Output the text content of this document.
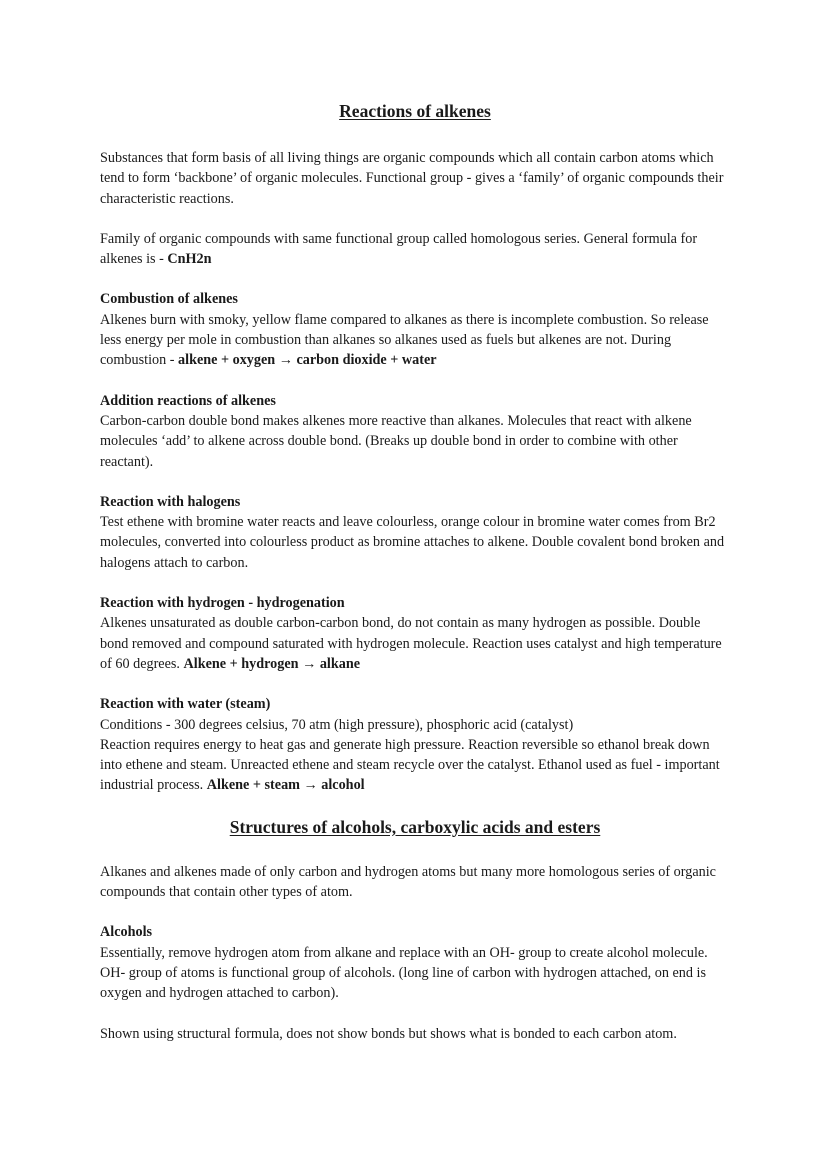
Reactions of alkenes

Substances that form basis of all living things are organic compounds which all contain carbon atoms which tend to form ‘backbone’ of organic molecules. Functional group - gives a ‘family’ of organic compounds their characteristic reactions.

Family of organic compounds with same functional group called homologous series. General formula for alkenes is - CnH2n

Combustion of alkenes
Alkenes burn with smoky, yellow flame compared to alkanes as there is incomplete combustion. So release less energy per mole in combustion than alkanes so alkanes used as fuels but alkenes are not. During combustion - alkene + oxygen → carbon dioxide + water

Addition reactions of alkenes
Carbon-carbon double bond makes alkenes more reactive than alkanes. Molecules that react with alkene molecules ‘add’ to alkene across double bond. (Breaks up double bond in order to combine with other reactant).

Reaction with halogens
Test ethene with bromine water reacts and leave colourless, orange colour in bromine water comes from Br2 molecules, converted into colourless product as bromine attaches to alkene. Double covalent bond broken and halogens attach to carbon.

Reaction with hydrogen - hydrogenation
Alkenes unsaturated as double carbon-carbon bond, do not contain as many hydrogen as possible. Double bond removed and compound saturated with hydrogen molecule. Reaction uses catalyst and high temperature of 60 degrees. Alkene + hydrogen → alkane

Reaction with water (steam)
Conditions - 300 degrees celsius, 70 atm (high pressure), phosphoric acid (catalyst)
Reaction requires energy to heat gas and generate high pressure. Reaction reversible so ethanol break down into ethene and steam. Unreacted ethene and steam recycle over the catalyst. Ethanol used as fuel - important industrial process. Alkene + steam → alcohol

Structures of alcohols, carboxylic acids and esters

Alkanes and alkenes made of only carbon and hydrogen atoms but many more homologous series of organic compounds that contain other types of atom.

Alcohols
Essentially, remove hydrogen atom from alkane and replace with an OH- group to create alcohol molecule. OH- group of atoms is functional group of alcohols. (long line of carbon with hydrogen attached, on end is oxygen and hydrogen attached to carbon).

Shown using structural formula, does not show bonds but shows what is bonded to each carbon atom.
